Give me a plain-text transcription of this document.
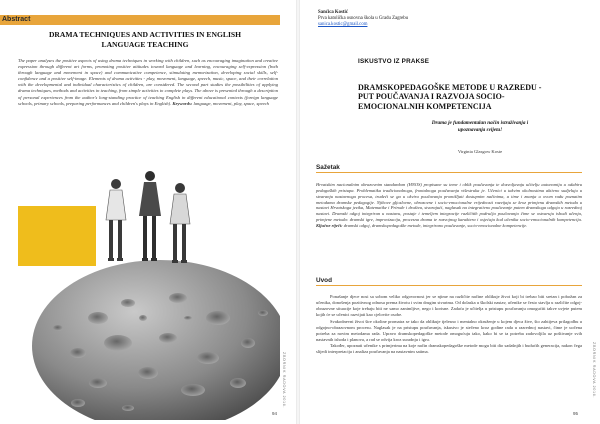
Abstract
DRAMA TECHNIQUES AND ACTIVITIES IN ENGLISH LANGUAGE TEACHING
The paper analyses the positive aspects of using drama techniques in working with children, such as encouraging imagination and creative expression through different art forms, promoting positive attitudes toward language and learning, encouraging self-expression (both through language and movement in space) and communicative competence, stimulating memorization, developing social skills, self-confidence and a positive self-image. Elements of drama activities - play, movement, language, speech, music, space, and their correlation with the developmental and individual characteristics of children, are considered. The second part studies the possibilities of applying drama techniques, methods and activities in teaching, from simple activities to complete plays. The above is presented through a description of personal experiences from the author's long-standing practice of teaching English in different educational contexts (foreign language schools, primary schools, preparing performances and children's plays in English). Keywords: language, movement, play, space, speech
94
ZBORNIK RADOVA 2016.
Sanćica Kostić
Prva katolička osnovna škola u Gradu Zagrebu
sanica.kostic@gmail.com
ISKUSTVO IZ PRAKSE
DRAMSKOPEDAGOŠKE METODE U RAZREDU - PUT POUČAVANJA I RAZVOJA SOCIO-EMOCIONALNIH KOMPETENCIJA
Drama je fundamentalan način istraživanja i upoznavanja svijeta!
Virginia Glasgow Koste
Sažetak
Hrvatskim nacionalnim obrazovnim standardom (HNOS) propisane su teme i oblik poučavanja te dozvoljavaju učitelju autonomiju u odabiru pedagoških pristupa. Problematika tradicionalnoga, frontalnoga poučavanja višestruka je. Učenici u takvim okolnostima aktivno sudjeluju u stvaranju nastavnoga procesa, trudeći se ga u okviru poučavanja promišljati dostupnim načinima, a time i znanja u ovom radu poznatim metodama dramske pedagogije. Njihove gljoslovne, obrazovne i socio-emocionalne vrijednosti razvijaju se kroz primjenu dramskih metoda u nastavi Hrvatskoga jezika, Matematike i Prirode i društva, stvarajući, naglasak na integrativno poučavanje putem dramskoga odgoja u razrednoj nastavi. Dramski odgoj integriran u nastavu, postaje i temeljem integracije različitih područja poučavanja čime se ostvaruju ishodi učenja, primjene metoda: dramski igre, improvizacija, procesna drama te razvojnog karaktera i osjećaja kod učenika socio-emocionalnih kompetencija. Ključne riječi: dramski odgoj, dramskopedagoške metode, integrirano poučavanje, socio-emocionalne kompetencije.
Uvod

Ponašanje djece nosi sa sobom veliko odgovornost jer se njime na različite načine oblikuje život koji bi trebao biti sretan i pobožan za učenika, donošenja pozitivnog odnosa prema životu i svim drugim stvarima. Od dolaska u školski nastav, učenike se često stavlja u različite odgoj-obrazovne situacije koje trebaju biti ne samo zanimljive, nego i korisne. Zadaća je učitelja u pristupu poučavanju omogućiti takve uvjete putem kojih će se učenici razvijati kao cjelovite osobe.

Svakodnevni život šire okoline promatra se tako da oblikuje tjelesno i mentalno okruženje u kojem djeca žive, što zahtijeva prilagodbu u odgojno-obrazovnom procesu. Naglasak je na pristupu poučavanja, iskustvo je stečeno kroz godine rada u razrednoj nastavi, čime je uočena potreba za novim metodama rada. Upravo dramskopedagoške metode omogućuju tako, kako bi se ta potreba zadovoljila uz poštivanje svih nastavnih ishoda i planova, a rad se odvija kroz suradnju i igru.

Također, upoznati učenike s primjerima na koje način dramskopedagoške metode mogu biti dio sadašnjih i budućih generacija, nakon čega slijedi interpretacija i analiza poučavanja na nastavnim satima.

95
ZBORNIK RADOVA 2016.
